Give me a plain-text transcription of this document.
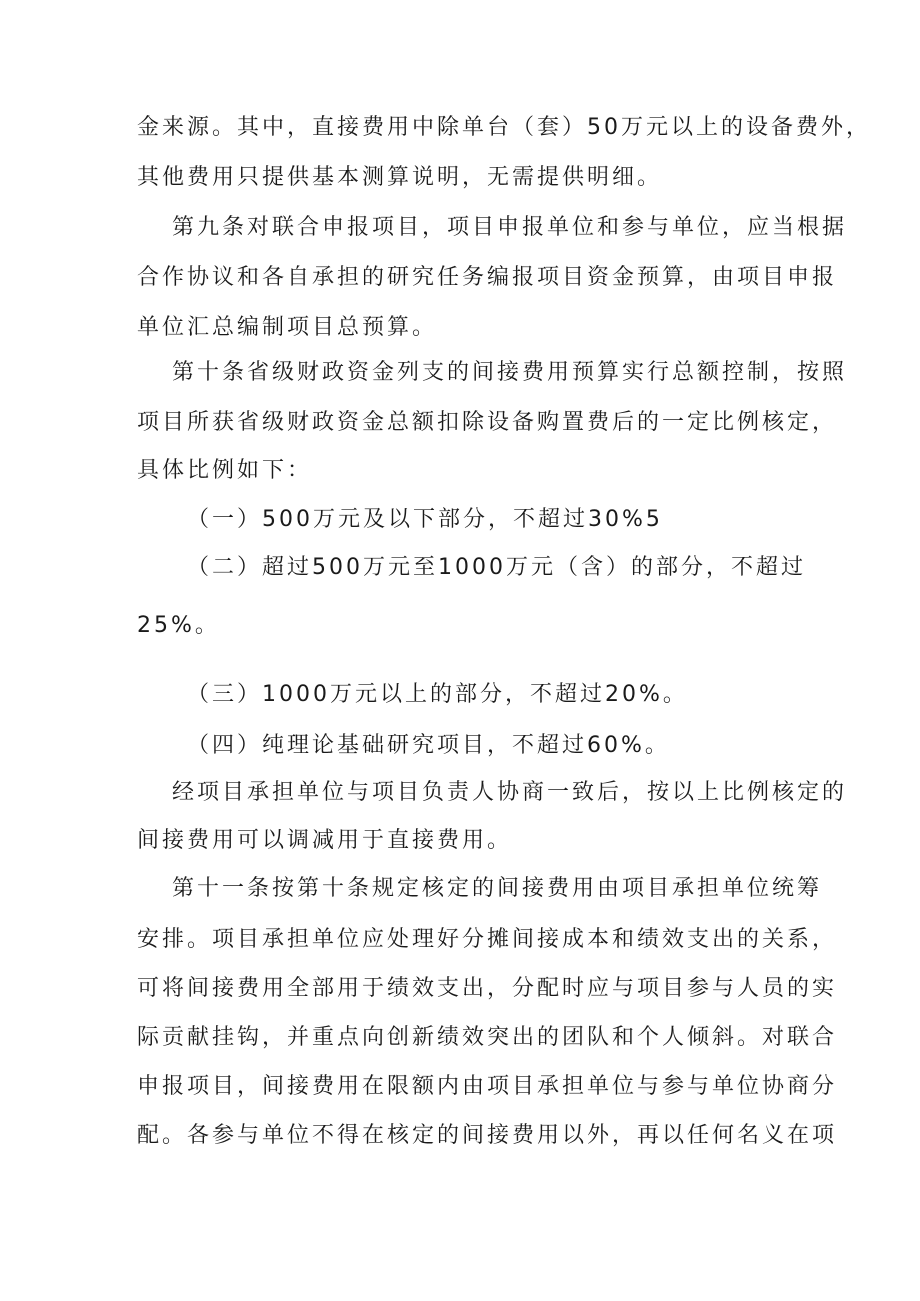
金来源。其中，直接费用中除单台（套）50万元以上的设备费外，
其他费用只提供基本测算说明，无需提供明细。
第九条对联合申报项目，项目申报单位和参与单位，应当根据
合作协议和各自承担的研究任务编报项目资金预算，由项目申报
单位汇总编制项目总预算。
第十条省级财政资金列支的间接费用预算实行总额控制，按照
项目所获省级财政资金总额扣除设备购置费后的一定比例核定，
具体比例如下：
（一）500万元及以下部分，不超过30%5
（二）超过500万元至1000万元（含）的部分，不超过
25%。
（三）1000万元以上的部分，不超过20%。
（四）纯理论基础研究项目，不超过60%。
经项目承担单位与项目负责人协商一致后，按以上比例核定的
间接费用可以调减用于直接费用。
第十一条按第十条规定核定的间接费用由项目承担单位统筹
安排。项目承担单位应处理好分摊间接成本和绩效支出的关系，
可将间接费用全部用于绩效支出，分配时应与项目参与人员的实
际贡献挂钩，并重点向创新绩效突出的团队和个人倾斜。对联合
申报项目，间接费用在限额内由项目承担单位与参与单位协商分
配。各参与单位不得在核定的间接费用以外，再以任何名义在项
